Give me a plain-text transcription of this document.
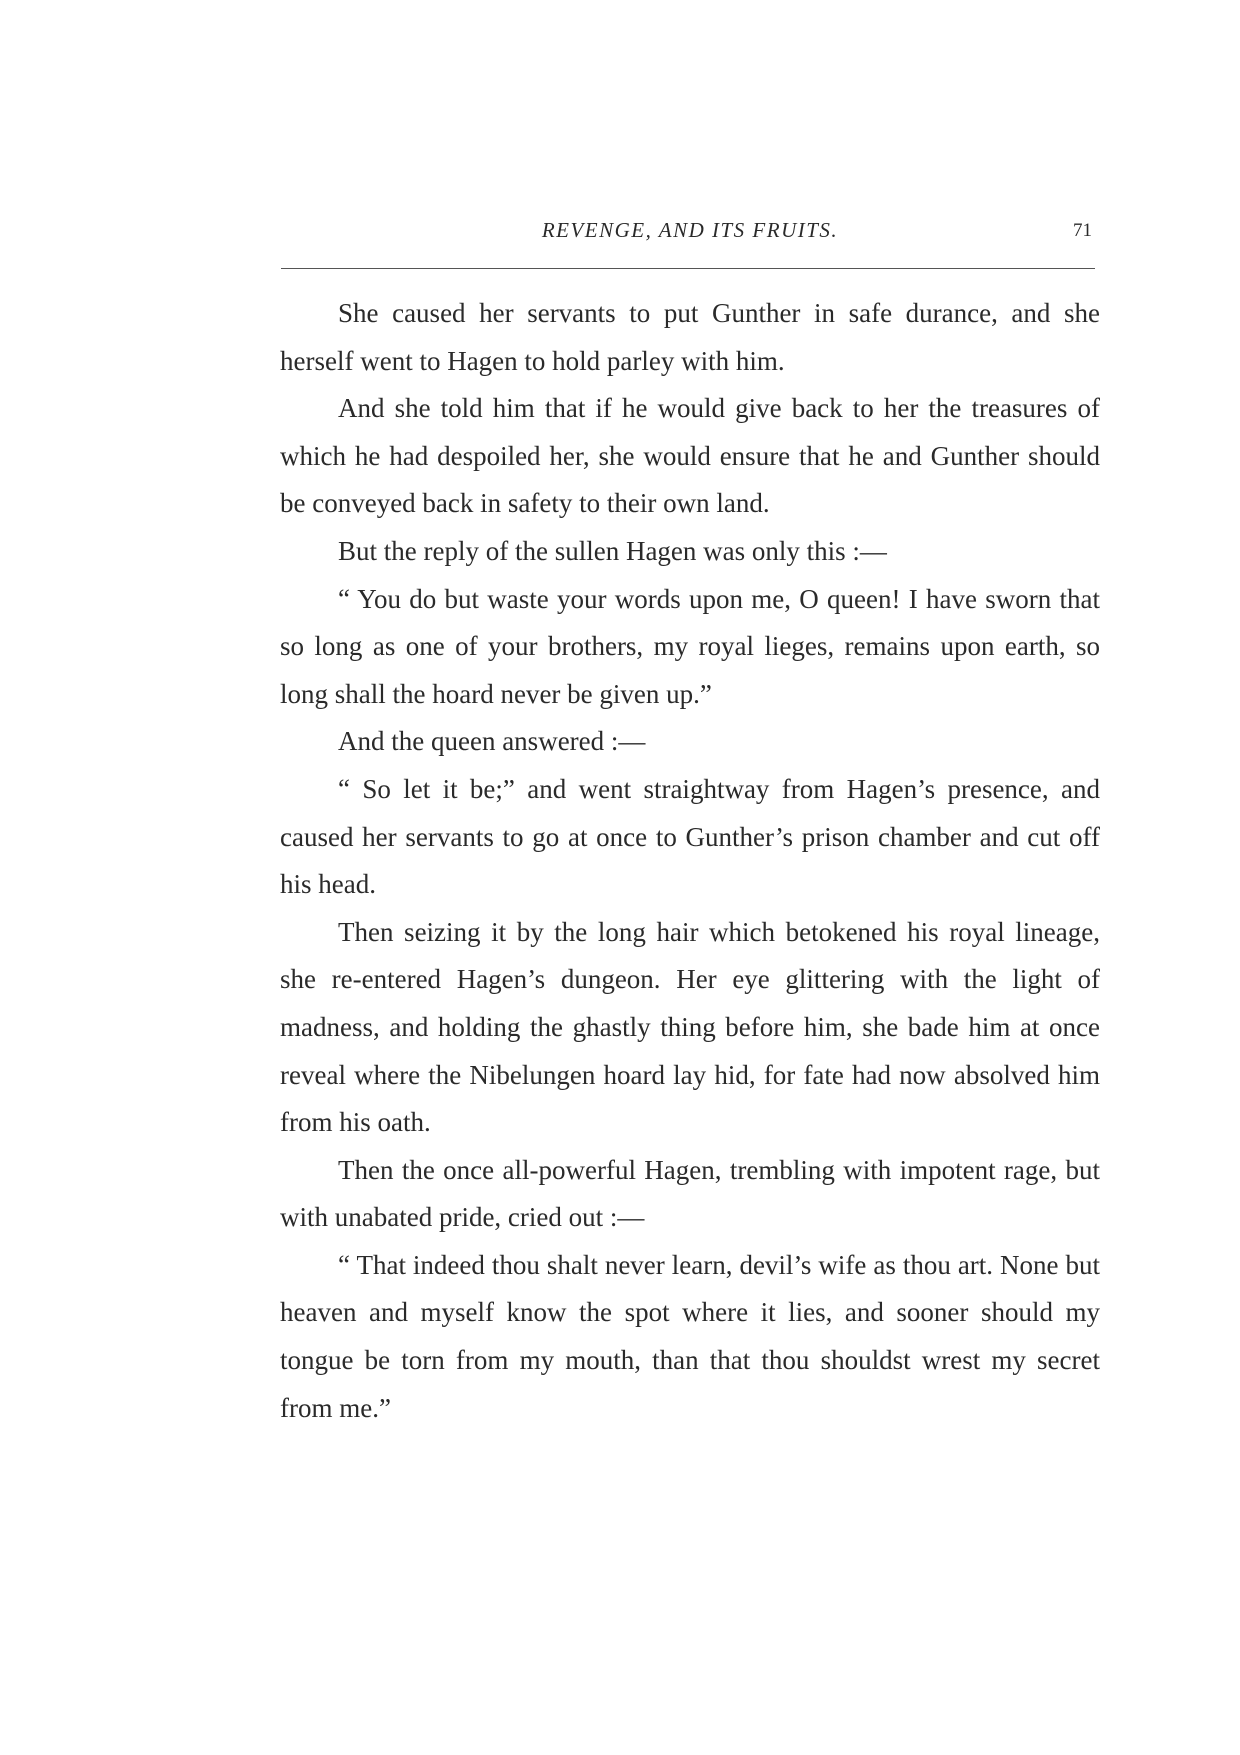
REVENGE, AND ITS FRUITS.	71

She caused her servants to put Gunther in safe durance, and she herself went to Hagen to hold parley with him.

And she told him that if he would give back to her the treasures of which he had despoiled her, she would ensure that he and Gunther should be conveyed back in safety to their own land.

But the reply of the sullen Hagen was only this :—

“ You do but waste your words upon me, O queen! I have sworn that so long as one of your brothers, my royal lieges, remains upon earth, so long shall the hoard never be given up.”

And the queen answered :—

“ So let it be;” and went straightway from Hagen’s presence, and caused her servants to go at once to Gunther’s prison chamber and cut off his head.

Then seizing it by the long hair which betokened his royal lineage, she re-entered Hagen’s dungeon. Her eye glittering with the light of madness, and holding the ghastly thing before him, she bade him at once reveal where the Nibelungen hoard lay hid, for fate had now absolved him from his oath.

Then the once all-powerful Hagen, trembling with impotent rage, but with unabated pride, cried out :—

“ That indeed thou shalt never learn, devil’s wife as thou art. None but heaven and myself know the spot where it lies, and sooner should my tongue be torn from my mouth, than that thou shouldst wrest my secret from me.”
